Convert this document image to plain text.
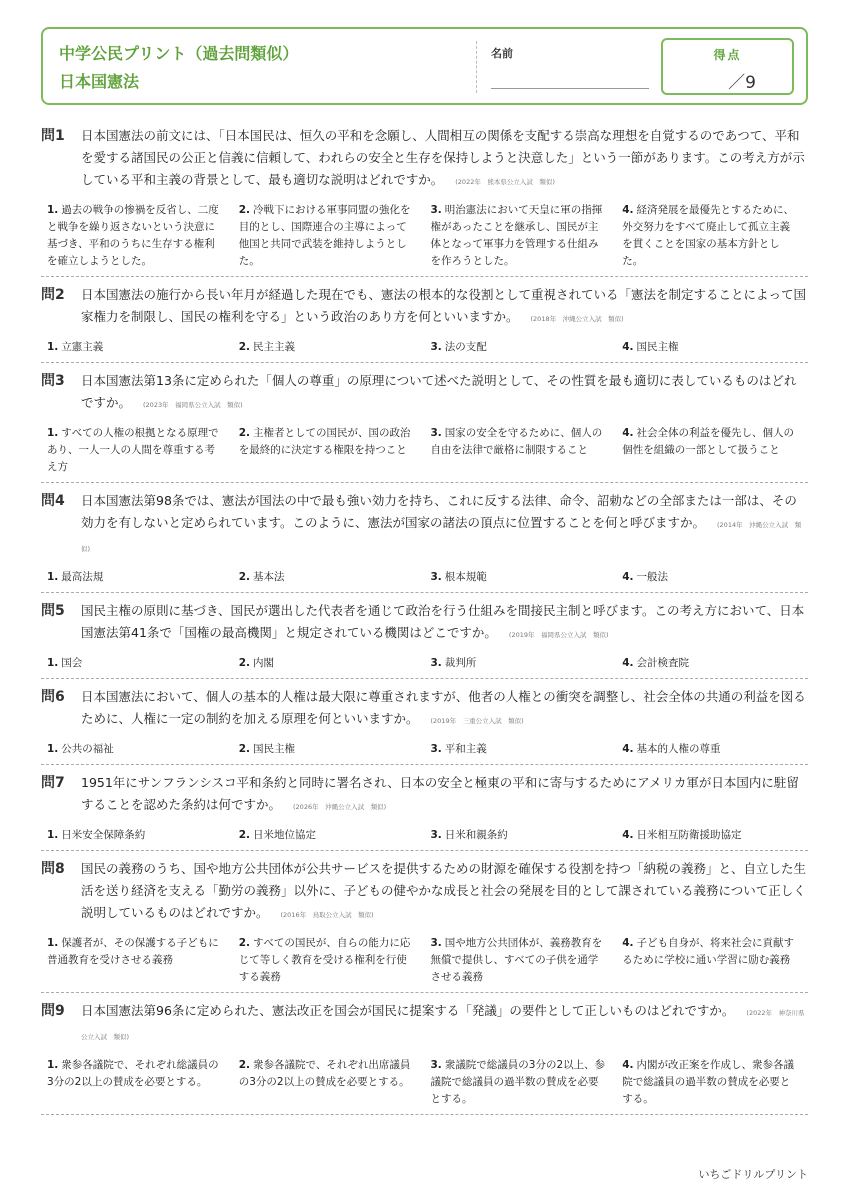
中学公民プリント（過去問類似）
日本国憲法
名前	得点
／9
問1 日本国憲法の前文には、「日本国民は、恒久の平和を念願し、人間相互の関係を支配する崇高な理想を自覚するのであつて、平和を愛する諸国民の公正と信義に信頼して、われらの安全と生存を保持しようと決意した」という一節があります。この考え方が示している平和主義の背景として、最も適切な説明はどれですか。 (2022年　熊本県公立入試　類似)
1. 過去の戦争の惨禍を反省し、二度と戦争を繰り返さないという決意に基づき、平和のうちに生存する権利を確立しようとした。
2. 冷戦下における軍事同盟の強化を目的とし、国際連合の主導によって他国と共同で武装を維持しようとした。
3. 明治憲法において天皇に軍の指揮権があったことを継承し、国民が主体となって軍事力を管理する仕組みを作ろうとした。
4. 経済発展を最優先とするために、外交努力をすべて廃止して孤立主義を貫くことを国家の基本方針とした。
問2 日本国憲法の施行から長い年月が経過した現在でも、憲法の根本的な役割として重視されている「憲法を制定することによって国家権力を制限し、国民の権利を守る」という政治のあり方を何といいますか。 (2018年　沖縄公立入試　類似)
1. 立憲主義	2. 民主主義	3. 法の支配	4. 国民主権
問3 日本国憲法第13条に定められた「個人の尊重」の原理について述べた説明として、その性質を最も適切に表しているものはどれですか。 (2023年　福岡県公立入試　類似)
1. すべての人権の根拠となる原理であり、一人一人の人間を尊重する考え方
2. 主権者としての国民が、国の政治を最終的に決定する権限を持つこと
3. 国家の安全を守るために、個人の自由を法律で厳格に制限すること
4. 社会全体の利益を優先し、個人の個性を組織の一部として扱うこと
問4 日本国憲法第98条では、憲法が国法の中で最も強い効力を持ち、これに反する法律、命令、詔勅などの全部または一部は、その効力を有しないと定められています。このように、憲法が国家の諸法の頂点に位置することを何と呼びますか。 (2014年　沖縄公立入試　類似)
1. 最高法規	2. 基本法	3. 根本規範	4. 一般法
問5 国民主権の原則に基づき、国民が選出した代表者を通じて政治を行う仕組みを間接民主制と呼びます。この考え方において、日本国憲法第41条で「国権の最高機関」と規定されている機関はどこですか。 (2019年　福岡県公立入試　類似)
1. 国会	2. 内閣	3. 裁判所	4. 会計検査院
問6 日本国憲法において、個人の基本的人権は最大限に尊重されますが、他者の人権との衝突を調整し、社会全体の共通の利益を図るために、人権に一定の制約を加える原理を何といいますか。 (2019年　三重公立入試　類似)
1. 公共の福祉	2. 国民主権	3. 平和主義	4. 基本的人権の尊重
問7 1951年にサンフランシスコ平和条約と同時に署名され、日本の安全と極東の平和に寄与するためにアメリカ軍が日本国内に駐留することを認めた条約は何ですか。 (2026年　沖縄公立入試　類似)
1. 日米安全保障条約	2. 日米地位協定	3. 日米和親条約	4. 日米相互防衛援助協定
問8 国民の義務のうち、国や地方公共団体が公共サービスを提供するための財源を確保する役割を持つ「納税の義務」と、自立した生活を送り経済を支える「勤労の義務」以外に、子どもの健やかな成長と社会の発展を目的として課されている義務について正しく説明しているものはどれですか。 (2016年　鳥取公立入試　類似)
1. 保護者が、その保護する子どもに普通教育を受けさせる義務
2. すべての国民が、自らの能力に応じて等しく教育を受ける権利を行使する義務
3. 国や地方公共団体が、義務教育を無償で提供し、すべての子供を通学させる義務
4. 子ども自身が、将来社会に貢献するために学校に通い学習に励む義務
問9 日本国憲法第96条に定められた、憲法改正を国会が国民に提案する「発議」の要件として正しいものはどれですか。 (2022年　神奈川県公立入試　類似)
1. 衆参各議院で、それぞれ総議員の3分の2以上の賛成を必要とする。
2. 衆参各議院で、それぞれ出席議員の3分の2以上の賛成を必要とする。
3. 衆議院で総議員の3分の2以上、参議院で総議員の過半数の賛成を必要とする。
4. 内閣が改正案を作成し、衆参各議院で総議員の過半数の賛成を必要とする。
いちごドリルプリント
